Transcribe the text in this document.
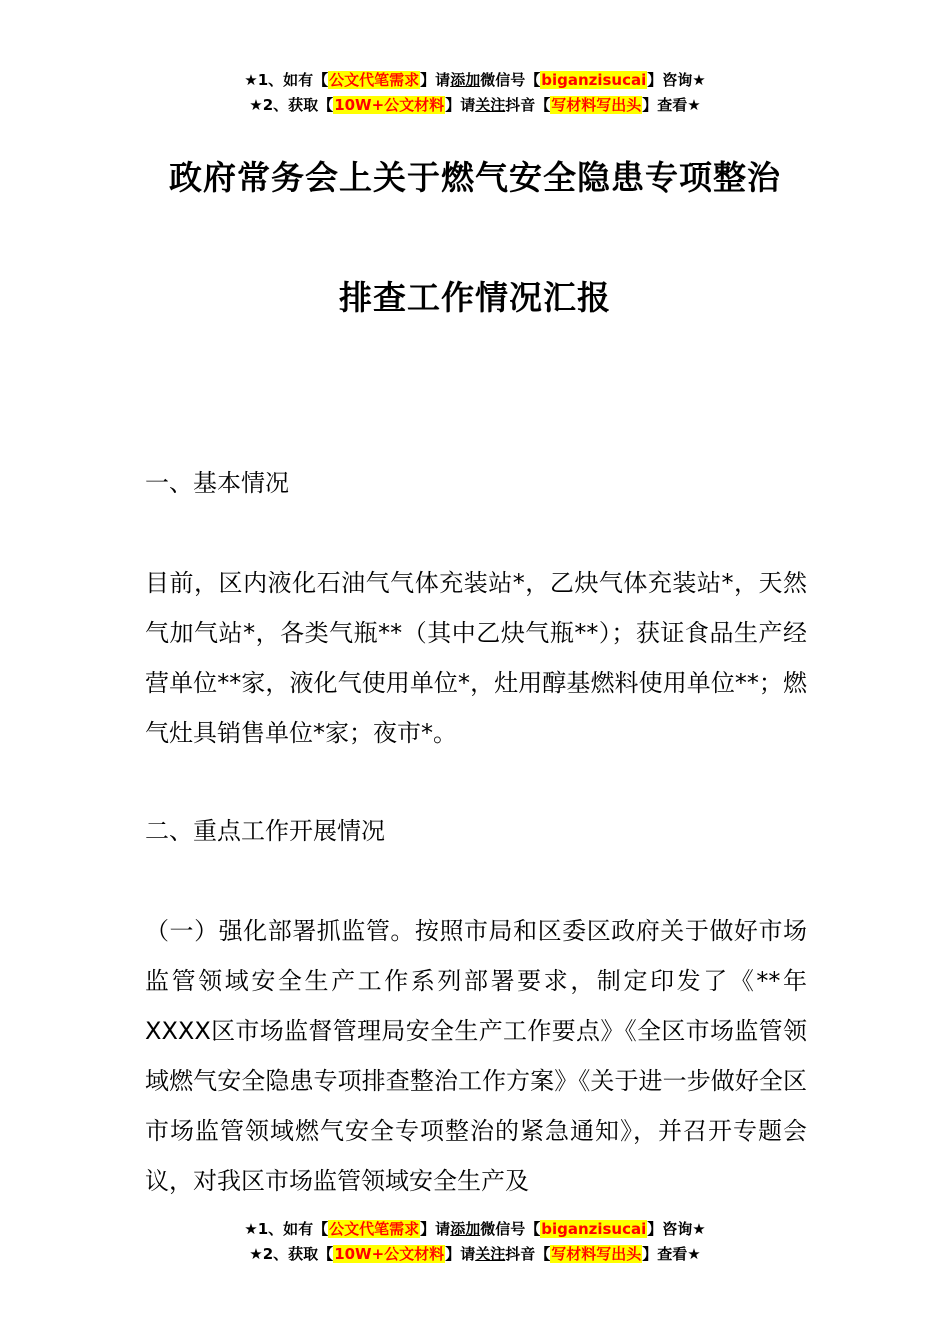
★1、如有【公文代笔需求】请添加微信号【biganzisucai】咨询★
★2、获取【10W+公文材料】请关注抖音【写材料写出头】查看★
政府常务会上关于燃气安全隐患专项整治
排查工作情况汇报

一、基本情况

目前，区内液化石油气气体充装站*，乙炔气体充装站*，天然气加气站*，各类气瓶**（其中乙炔气瓶**）；获证食品生产经营单位**家，液化气使用单位*，灶用醇基燃料使用单位**；燃气灶具销售单位*家；夜市*。

二、重点工作开展情况

（一）强化部署抓监管。按照市局和区委区政府关于做好市场监管领域安全生产工作系列部署要求，制定印发了《**年XXXX区市场监督管理局安全生产工作要点》《全区市场监管领域燃气安全隐患专项排查整治工作方案》《关于进一步做好全区市场监管领域燃气安全专项整治的紧急通知》，并召开专题会议，对我区市场监管领域安全生产及

★1、如有【公文代笔需求】请添加微信号【biganzisucai】咨询★
★2、获取【10W+公文材料】请关注抖音【写材料写出头】查看★
